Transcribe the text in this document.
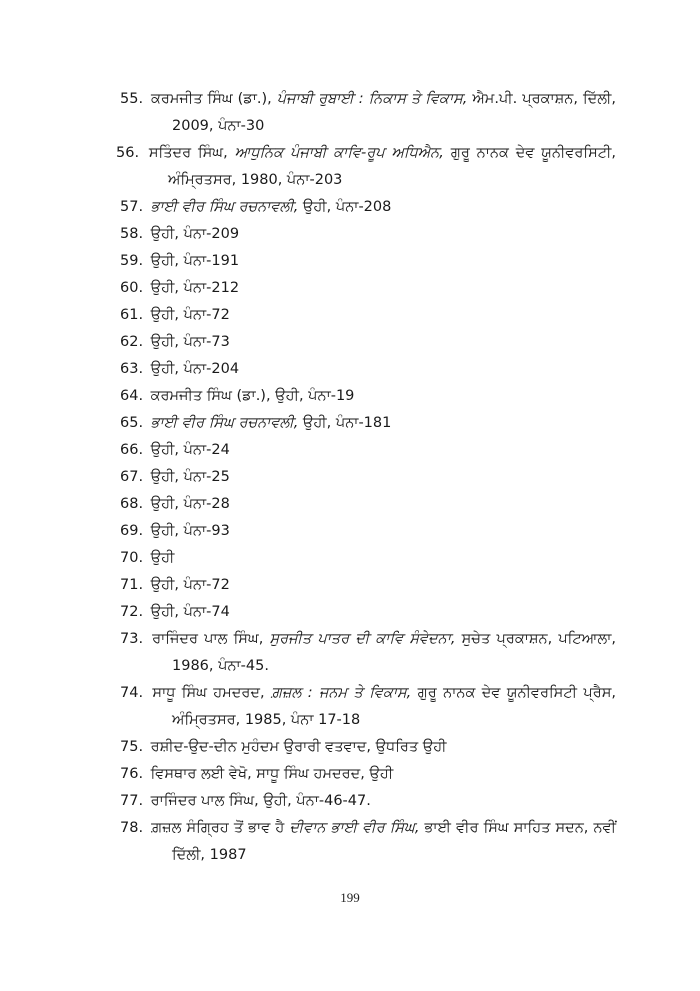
55. ਕਰਮਜੀਤ ਸਿੰਘ (ਡਾ.), ਪੰਜਾਬੀ ਰੁਬਾਈ : ਨਿਕਾਸ ਤੇ ਵਿਕਾਸ, ਐਮ.ਪੀ. ਪ੍ਰਕਾਸ਼ਨ, ਦਿੱਲੀ, 2009, ਪੰਨਾ-30
56. ਸਤਿੰਦਰ ਸਿੰਘ, ਆਧੁਨਿਕ ਪੰਜਾਬੀ ਕਾਵਿ-ਰੂਪ ਅਧਿਐਨ, ਗੁਰੂ ਨਾਨਕ ਦੇਵ ਯੂਨੀਵਰਸਿਟੀ, ਅੰਮ੍ਰਿਤਸਰ, 1980, ਪੰਨਾ-203
57. ਭਾਈ ਵੀਰ ਸਿੰਘ ਰਚਨਾਵਲੀ, ਉਹੀ, ਪੰਨਾ-208
58. ਉਹੀ, ਪੰਨਾ-209
59. ਉਹੀ, ਪੰਨਾ-191
60. ਉਹੀ, ਪੰਨਾ-212
61. ਉਹੀ, ਪੰਨਾ-72
62. ਉਹੀ, ਪੰਨਾ-73
63. ਉਹੀ, ਪੰਨਾ-204
64. ਕਰਮਜੀਤ ਸਿੰਘ (ਡਾ.), ਉਹੀ, ਪੰਨਾ-19
65. ਭਾਈ ਵੀਰ ਸਿੰਘ ਰਚਨਾਵਲੀ, ਉਹੀ, ਪੰਨਾ-181
66. ਉਹੀ, ਪੰਨਾ-24
67. ਉਹੀ, ਪੰਨਾ-25
68. ਉਹੀ, ਪੰਨਾ-28
69. ਉਹੀ, ਪੰਨਾ-93
70. ਉਹੀ
71. ਉਹੀ, ਪੰਨਾ-72
72. ਉਹੀ, ਪੰਨਾ-74
73. ਰਾਜਿੰਦਰ ਪਾਲ ਸਿੰਘ, ਸੁਰਜੀਤ ਪਾਤਰ ਦੀ ਕਾਵਿ ਸੰਵੇਦਨਾ, ਸੁਚੇਤ ਪ੍ਰਕਾਸ਼ਨ, ਪਟਿਆਲਾ, 1986, ਪੰਨਾ-45.
74. ਸਾਧੂ ਸਿੰਘ ਹਮਦਰਦ, ਗ਼ਜ਼ਲ : ਜਨਮ ਤੇ ਵਿਕਾਸ, ਗੁਰੂ ਨਾਨਕ ਦੇਵ ਯੂਨੀਵਰਸਿਟੀ ਪ੍ਰੈਸ, ਅੰਮ੍ਰਿਤਸਰ, 1985, ਪੰਨਾ 17-18
75. ਰਸ਼ੀਦ-ਉਦ-ਦੀਨ ਮੁਹੰਦਮ ਉਰਾਰੀ ਵਤਵਾਦ, ਉਧਰਿਤ ਉਹੀ
76. ਵਿਸਥਾਰ ਲਈ ਵੇਖੋ, ਸਾਧੂ ਸਿੰਘ ਹਮਦਰਦ, ਉਹੀ
77. ਰਾਜਿੰਦਰ ਪਾਲ ਸਿੰਘ, ਉਹੀ, ਪੰਨਾ-46-47.
78. ਗ਼ਜ਼ਲ ਸੰਗ੍ਰਿਹ ਤੋਂ ਭਾਵ ਹੈ ਦੀਵਾਨ ਭਾਈ ਵੀਰ ਸਿੰਘ, ਭਾਈ ਵੀਰ ਸਿੰਘ ਸਾਹਿਤ ਸਦਨ, ਨਵੀਂ ਦਿੱਲੀ, 1987
199
